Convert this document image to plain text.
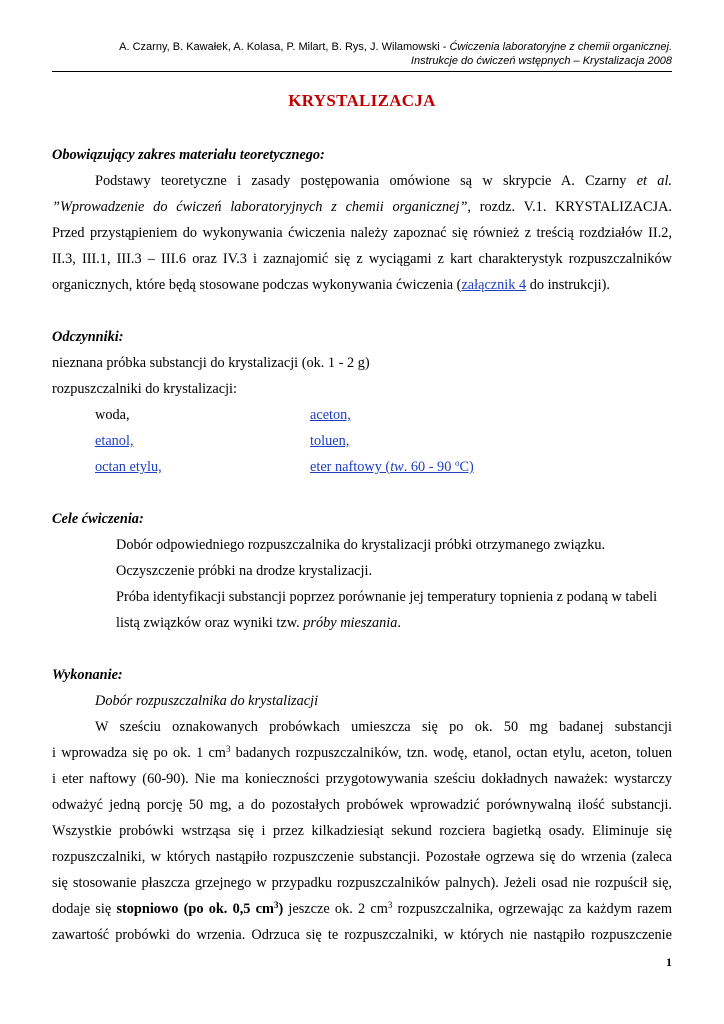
A. Czarny, B. Kawałek, A. Kolasa, P. Milart, B. Rys, J. Wilamowski - Ćwiczenia laboratoryjne z chemii organicznej.
Instrukcje do ćwiczeń wstępnych – Krystalizacja 2008
KRYSTALIZACJA
Obowiązujący zakres materiału teoretycznego:
Podstawy teoretyczne i zasady postępowania omówione są w skrypcie A. Czarny et al.
”Wprowadzenie do ćwiczeń laboratoryjnych z chemii organicznej”, rozdz. V.1. KRYSTALIZACJA.
Przed przystąpieniem do wykonywania ćwiczenia należy zapoznać się również z treścią rozdziałów II.2,
II.3, III.1, III.3 – III.6 oraz IV.3 i zaznajomić się z wyciągami z kart charakterystyk rozpuszczalników
organicznych, które będą stosowane podczas wykonywania ćwiczenia (załącznik 4 do instrukcji).
Odczynniki:
nieznana próbka substancji do krystalizacji (ok. 1 - 2 g)
rozpuszczalniki do krystalizacji:
woda,	aceton,
etanol,	toluen,
octan etylu,	eter naftowy (tw. 60 - 90 $^o$C)
Cele ćwiczenia:
Dobór odpowiedniego rozpuszczalnika do krystalizacji próbki otrzymanego związku.
Oczyszczenie próbki na drodze krystalizacji.
Próba identyfikacji substancji poprzez porównanie jej temperatury topnienia z podaną w tabeli
listą związków oraz wyniki tzw. próby mieszania.
Wykonanie:
Dobór rozpuszczalnika do krystalizacji
W sześciu oznakowanych probówkach umieszcza się po ok. 50 mg badanej substancji
i wprowadza się po ok. 1 $cm^3$ badanych rozpuszczalników, tzn. wodę, etanol, octan etylu, aceton, toluen
i eter naftowy (60-90). Nie ma konieczności przygotowywania sześciu dokładnych naważek: wystarczy
odważyć jedną porcję 50 mg, a do pozostałych probówek wprowadzić porównywalną ilość substancji.
Wszystkie probówki wstrząsa się i przez kilkadziesiąt sekund rozciera bagietką osady. Eliminuje się
rozpuszczalniki, w których nastąpiło rozpuszczenie substancji. Pozostałe ogrzewa się do wrzenia (zaleca
się stosowanie płaszcza grzejnego w przypadku rozpuszczalników palnych). Jeżeli osad nie rozpuścił się,
dodaje się stopniowo (po ok. 0,5 $cm^3$) jeszcze ok. 2 $cm^3$ rozpuszczalnika, ogrzewając za każdym razem
zawartość probówki do wrzenia. Odrzuca się te rozpuszczalniki, w których nie nastąpiło rozpuszczenie
1
